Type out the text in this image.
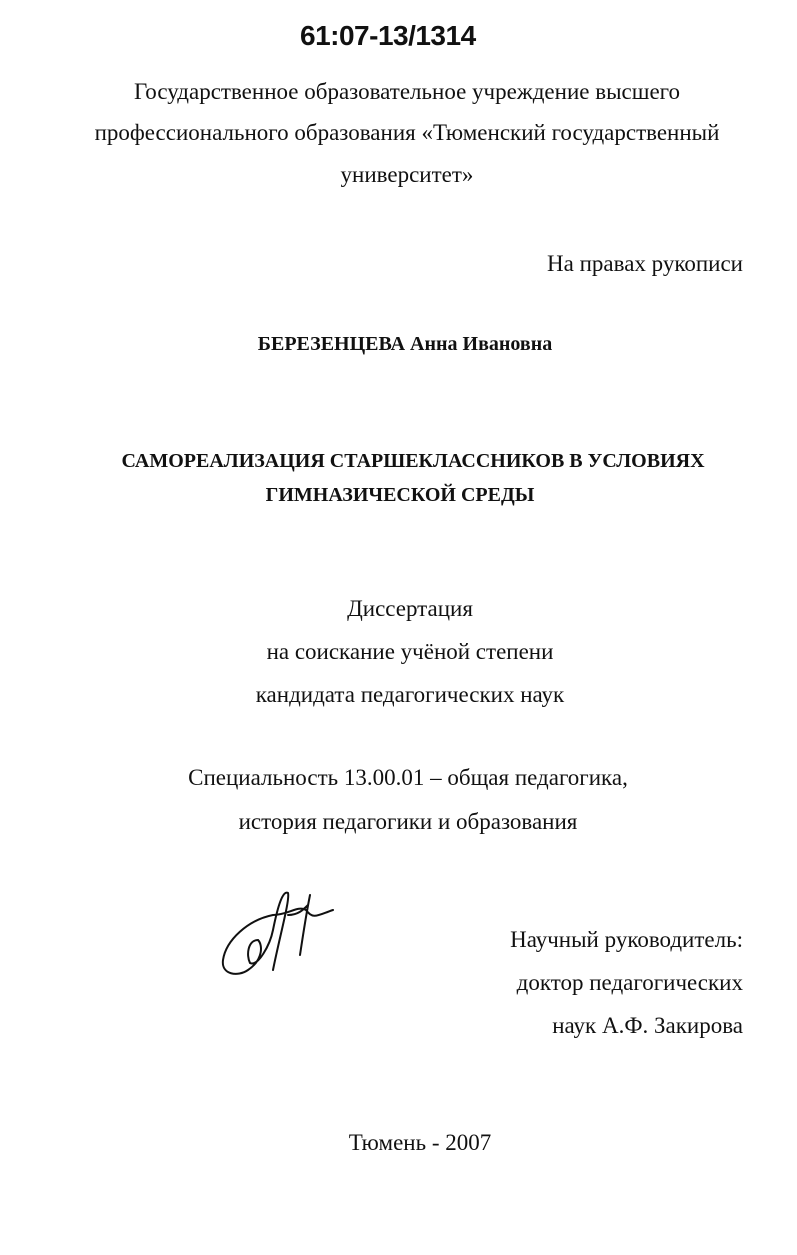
61:07-13/1314
Государственное образовательное учреждение высшего
профессионального образования «Тюменский государственный
университет»
На правах рукописи
БЕРЕЗЕНЦЕВА Анна Ивановна
САМОРЕАЛИЗАЦИЯ СТАРШЕКЛАССНИКОВ В УСЛОВИЯХ
ГИМНАЗИЧЕСКОЙ СРЕДЫ
Диссертация
на соискание учёной степени
кандидата педагогических наук
Специальность 13.00.01 – общая педагогика,
история педагогики и образования
Научный руководитель:
доктор педагогических
наук А.Ф. Закирова
Тюмень - 2007
